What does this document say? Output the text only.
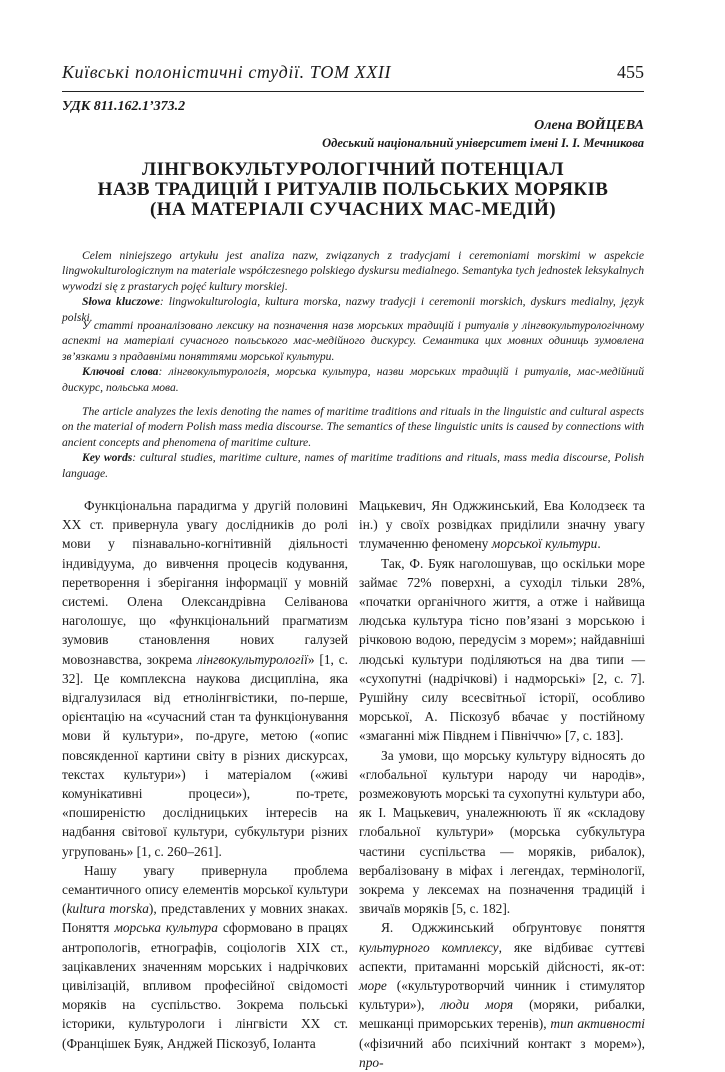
Київські полоністичні студії. ТОМ XXII	455
УДК 811.162.1’373.2
Олена ВОЙЦЕВА
Одеський національний університет імені І. І. Мечникова
ЛІНГВОКУЛЬТУРОЛОГІЧНИЙ ПОТЕНЦІАЛ
НАЗВ ТРАДИЦІЙ І РИТУАЛІВ ПОЛЬСЬКИХ МОРЯКІВ
(НА МАТЕРІАЛІ СУЧАСНИХ МАС-МЕДІЙ)

Celem niniejszego artykułu jest analiza nazw, związanych z tradycjami i ceremoniami morskimi w aspekcie lingwokulturologicznym na materiale współczesnego polskiego dyskursu medialnego. Semantyka tych jednostek leksykalnych wywodzi się z prastarych pojęć kultury morskiej.

Słowa kluczowe: lingwokulturologia, kultura morska, nazwy tradycji i ceremonii morskich, dyskurs medialny, język polski.

У статті проаналізовано лексику на позначення назв морських традицій і ритуалів у лінгвокультурологічному аспекті на матеріалі сучасного польського мас-медійного дискурсу. Семантика цих мовних одиниць зумовлена зв’язками з прадавніми поняттями морської культури.

Ключові слова: лінгвокультурологія, морська культура, назви морських традицій і ритуалів, мас-медійний дискурс, польська мова.

The article analyzes the lexis denoting the names of maritime traditions and rituals in the linguistic and cultural aspects on the material of modern Polish mass media discourse. The semantics of these linguistic units is caused by connections with ancient concepts and phenomena of maritime culture.

Key words: cultural studies, maritime culture, names of maritime traditions and rituals, mass media discourse, Polish language.

Функціональна парадигма у другій половині XX ст. привернула увагу дослідників до ролі мови у пізнавально-когнітивній діяльності індивідуума, до вивчення процесів кодування, перетворення і зберігання інформації у мовній системі. Олена Олександрівна Селіванова наголошує, що «функціональний прагматизм зумовив становлення нових галузей мовознавства, зокрема лінгвокультурології» [1, с. 32]. Це комплексна наукова дисципліна, яка відгалузилася від етнолінгвістики, по-перше, орієнтацію на «сучасний стан та функціонування мови й культури», по-друге, метою («опис повсякденної картини світу в різних дискурсах, текстах культури») і матеріалом («живі комунікативні процеси»), по-третє, «поширеністю дослідницьких інтересів на надбання світової культури, субкультури різних угруповань» [1, с. 260–261].

Нашу увагу привернула проблема семантичного опису елементів морської культури (kultura morska), представлених у мовних знаках. Поняття морська культура сформовано в працях антропологів, етнографів, соціологів XIX ст., зацікавлених значенням морських і надрічкових цивілізацій, впливом професійної свідомості моряків на суспільство. Зокрема польські історики, культурологи і лінгвісти XX ст. (Францішек Буяк, Анджей Піскозуб, Іоланта

Мацькевич, Ян Оджжинський, Ева Колодзеєк та ін.) у своїх розвідках приділили значну увагу тлумаченню феномену морської культури.

Так, Ф. Буяк наголошував, що оскільки море займає 72% поверхні, а суходіл тільки 28%, «початки органічного життя, а отже і найвища людська культура тісно пов’язані з морською і річковою водою, передусім з морем»; найдавніші людські культури поділяються на два типи — «сухопутні (надрічкові) і надморські» [2, с. 7]. Рушійну силу всесвітньої історії, особливо морської, А. Піскозуб вбачає у постійному «змаганні між Півднем і Північчю» [7, с. 183].

За умови, що морську культуру відносять до «глобальної культури народу чи народів», розмежовують морські та сухопутні культури або, як І. Мацькевич, уналежнюють її як «складову глобальної культури» (морська субкультура частини суспільства — моряків, рибалок), вербалізовану в міфах і легендах, термінології, зокрема у лексемах на позначення традицій і звичаїв моряків [5, с. 182].

Я. Оджжинський обґрунтовує поняття культурного комплексу, яке відбиває суттєві аспекти, притаманні морській дійсності, як-от: море («культуротворчий чинник і стимулятор культури»), люди моря (моряки, рибалки, мешканці приморських теренів), тип активності («фізичний або психічний контакт з морем»), про-
